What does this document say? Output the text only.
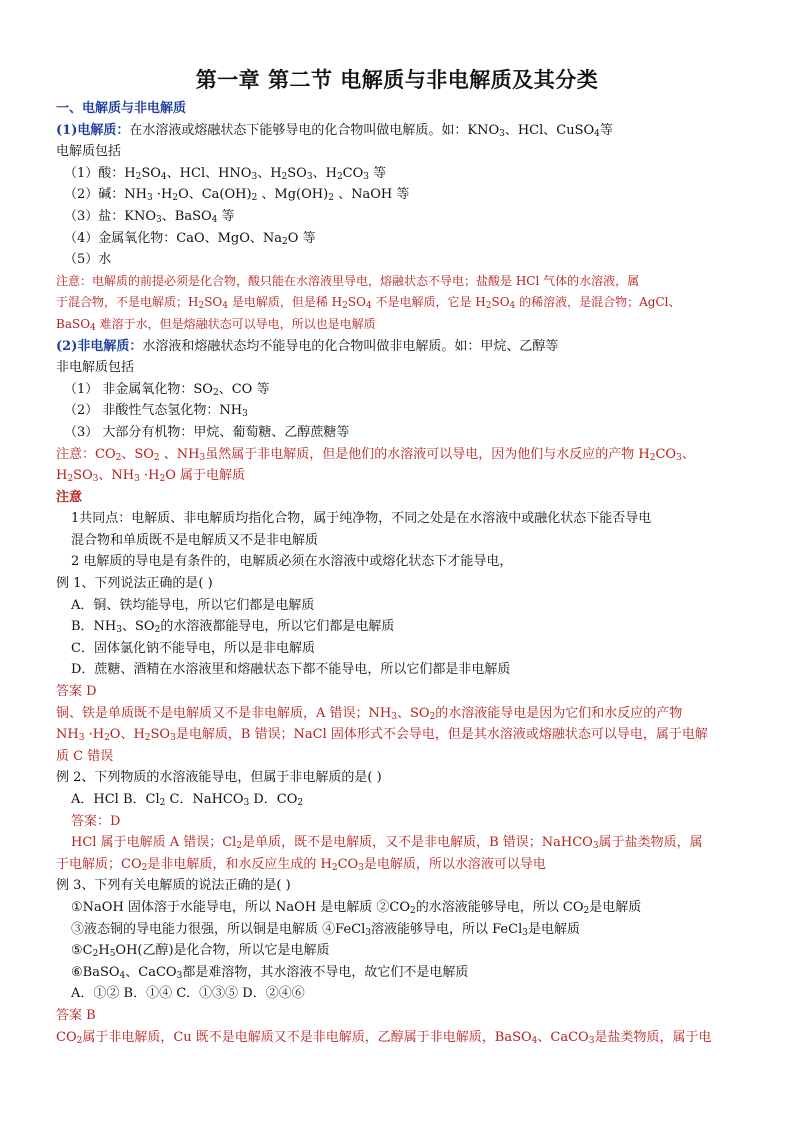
第一章 第二节 电解质与非电解质及其分类
一、电解质与非电解质
(1)电解质：在水溶液或熔融状态下能够导电的化合物叫做电解质。如：$KNO_3$、HCl、CuSO$_4$等
电解质包括
（1）酸：$H_2SO_4$、HCl、$HNO_3$、$H_2SO_3$、$H_2CO_3$ 等
（2）碱：$NH_3 \cdot H_2O$、$Ca(OH)_2$ 、$Mg(OH)_2$ 、NaOH 等
（3）盐：$KNO_3$、BaSO$_4$ 等
（4）金属氧化物：CaO、MgO、$Na_2O$ 等
（5）水
注意：电解质的前提必须是化合物，酸只能在水溶液里导电，熔融状态不导电；盐酸是 HCl 气体的水溶液，属
于混合物，不是电解质；$H_2SO_4$ 是电解质，但是稀 $H_2SO_4$ 不是电解质，它是 $H_2SO_4$ 的稀溶液，是混合物；AgCl、
BaSO$_4$ 难溶于水，但是熔融状态可以导电，所以也是电解质
(2)非电解质：水溶液和熔融状态均不能导电的化合物叫做非电解质。如：甲烷、乙醇等
非电解质包括
（1） 非金属氧化物：$SO_2$、CO 等
（2） 非酸性气态氢化物：$NH_3$
（3） 大部分有机物：甲烷、葡萄糖、乙醇蔗糖等
注意：$CO_2$、$SO_2$ 、$NH_3$虽然属于非电解质，但是他们的水溶液可以导电，因为他们与水反应的产物 $H_2CO_3$、
$H_2SO_3$、$NH_3 \cdot H_2O$ 属于电解质
注意
1共同点：电解质、非电解质均指化合物，属于纯净物，不同之处是在水溶液中或融化状态下能否导电
混合物和单质既不是电解质又不是非电解质
2 电解质的导电是有条件的，电解质必须在水溶液中或熔化状态下才能导电，
例 1、下列说法正确的是( )
A．铜、铁均能导电，所以它们都是电解质
B．$NH_3$、$SO_2$的水溶液都能导电，所以它们都是电解质
C．固体氯化钠不能导电，所以是非电解质
D．蔗糖、酒精在水溶液里和熔融状态下都不能导电，所以它们都是非电解质
答案 D
铜、铁是单质既不是电解质又不是非电解质，A 错误；$NH_3$、$SO_2$的水溶液能导电是因为它们和水反应的产物
$NH_3 \cdot H_2O$、$H_2SO_3$是电解质，B 错误；NaCl 固体形式不会导电，但是其水溶液或熔融状态可以导电，属于电解
质 C 错误
例 2、下列物质的水溶液能导电，但属于非电解质的是( )
A．HCl B．$Cl_2$ C．NaHCO$_3$ D．$CO_2$
答案：D
HCl 属于电解质 A 错误；$Cl_2$是单质，既不是电解质，又不是非电解质，B 错误；NaHCO$_3$属于盐类物质，属
于电解质；$CO_2$是非电解质，和水反应生成的 $H_2CO_3$是电解质，所以水溶液可以导电
例 3、下列有关电解质的说法正确的是( )
①NaOH 固体溶于水能导电，所以 NaOH 是电解质 $②CO_2$的水溶液能够导电，所以 $CO_2$是电解质
③液态铜的导电能力很强，所以铜是电解质 ④FeCl$_3$溶液能够导电，所以 FeCl$_3$是电解质
$⑤C_2H_5OH$(乙醇)是化合物，所以它是电解质
⑥BaSO$_4$、CaCO$_3$都是难溶物，其水溶液不导电，故它们不是电解质
A．①② B．①④ C．①③⑤ D．②④⑥
答案 B
$CO_2$属于非电解质，Cu 既不是电解质又不是非电解质，乙醇属于非电解质，BaSO$_4$、CaCO$_3$是盐类物质，属于电
